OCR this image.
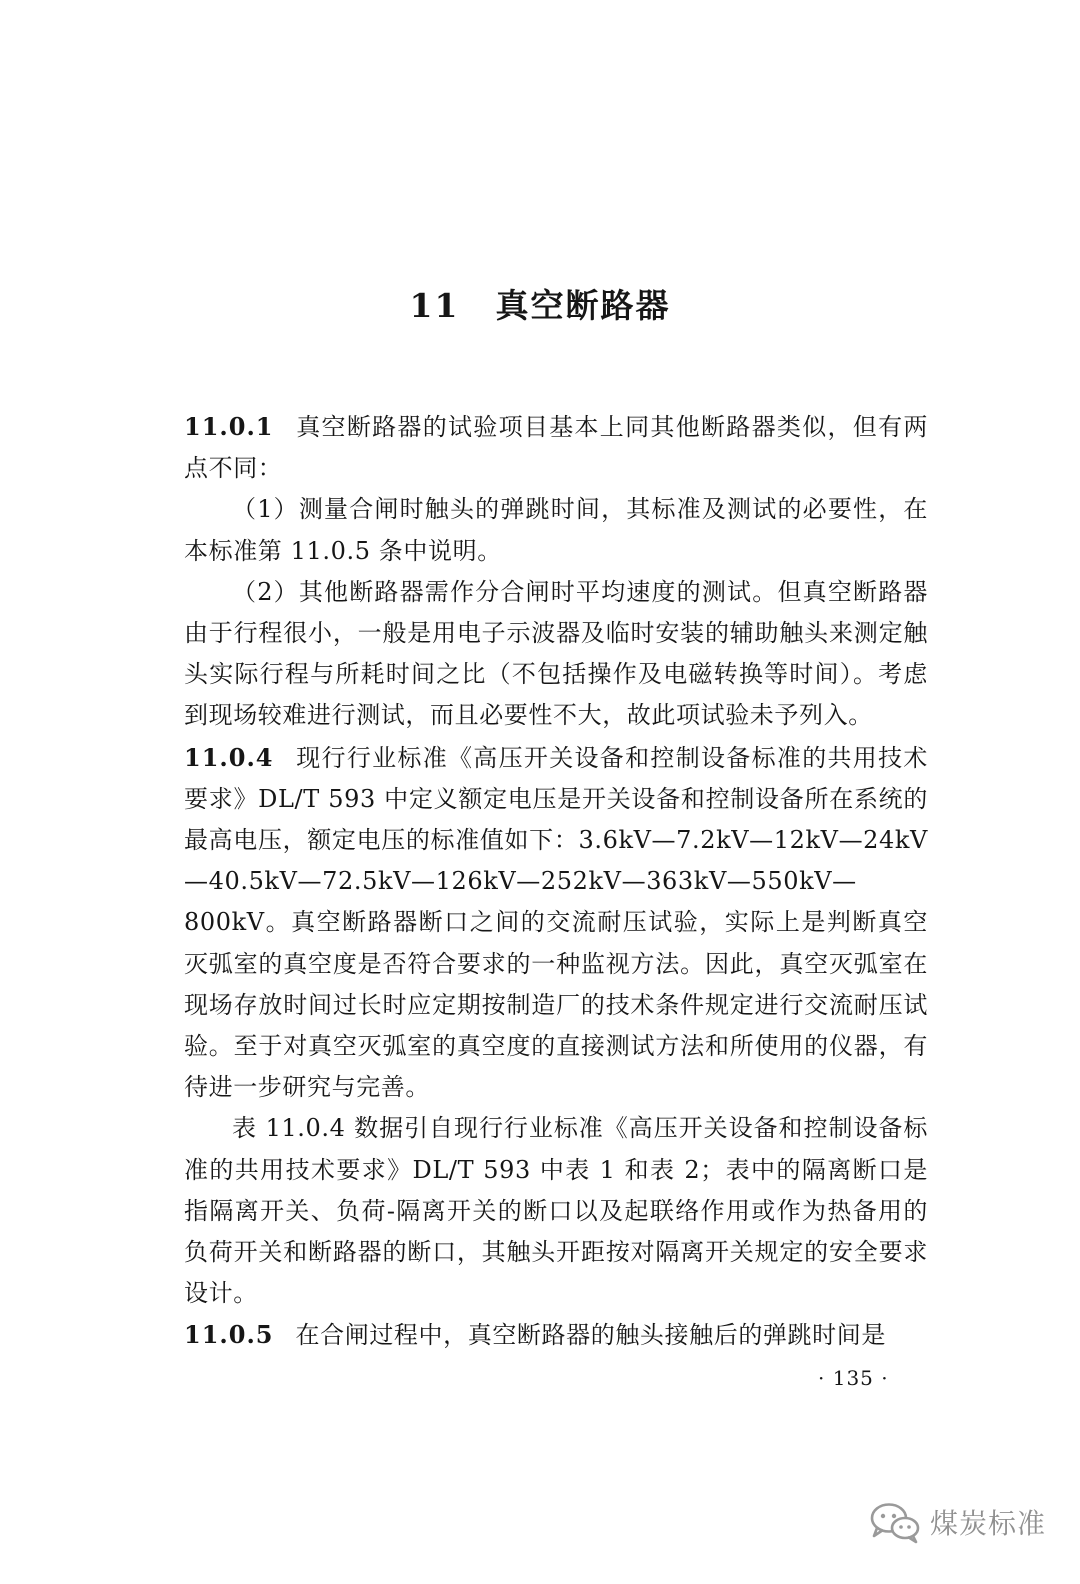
11 真空断路器

11.0.1 真空断路器的试验项目基本上同其他断路器类似，但有两点不同：

（1）测量合闸时触头的弹跳时间，其标准及测试的必要性，在本标准第 11.0.5 条中说明。

（2）其他断路器需作分合闸时平均速度的测试。但真空断路器由于行程很小，一般是用电子示波器及临时安装的辅助触头来测定触头实际行程与所耗时间之比（不包括操作及电磁转换等时间）。考虑到现场较难进行测试，而且必要性不大，故此项试验未予列入。

11.0.4 现行行业标准《高压开关设备和控制设备标准的共用技术要求》DL/T 593 中定义额定电压是开关设备和控制设备所在系统的最高电压，额定电压的标准值如下：3.6kV—7.2kV—12kV—24kV—40.5kV—72.5kV—126kV—252kV—363kV—550kV—800kV。真空断路器断口之间的交流耐压试验，实际上是判断真空灭弧室的真空度是否符合要求的一种监视方法。因此，真空灭弧室在现场存放时间过长时应定期按制造厂的技术条件规定进行交流耐压试验。至于对真空灭弧室的真空度的直接测试方法和所使用的仪器，有待进一步研究与完善。

表 11.0.4 数据引自现行行业标准《高压开关设备和控制设备标准的共用技术要求》DL/T 593 中表 1 和表 2；表中的隔离断口是指隔离开关、负荷-隔离开关的断口以及起联络作用或作为热备用的负荷开关和断路器的断口，其触头开距按对隔离开关规定的安全要求设计。

11.0.5 在合闸过程中，真空断路器的触头接触后的弹跳时间是

· 135 ·
煤炭标准
